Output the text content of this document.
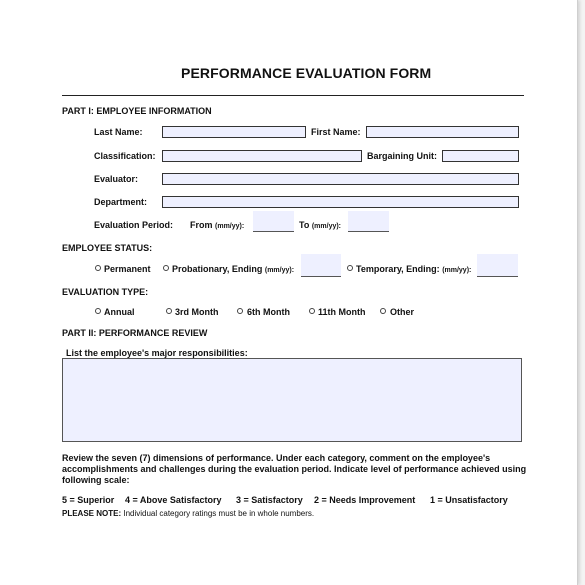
PERFORMANCE EVALUATION FORM
PART I: EMPLOYEE INFORMATION
Last Name:	First Name:
Classification:	Bargaining Unit:
Evaluator:
Department:
Evaluation Period: From (mm/yy):	To (mm/yy):
EMPLOYEE STATUS:
Permanent Probationary, Ending (mm/yy):	Temporary, Ending: (mm/yy):
EVALUATION TYPE:
Annual	3rd Month	6th Month	11th Month	Other
PART II: PERFORMANCE REVIEW
List the employee's major responsibilities:
Review the seven (7) dimensions of performance. Under each category, comment on the employee's accomplishments and challenges during the evaluation period. Indicate level of performance achieved using following scale:
5 = Superior 4 = Above Satisfactory 3 = Satisfactory 2 = Needs Improvement 1 = Unsatisfactory
PLEASE NOTE: Individual category ratings must be in whole numbers.
